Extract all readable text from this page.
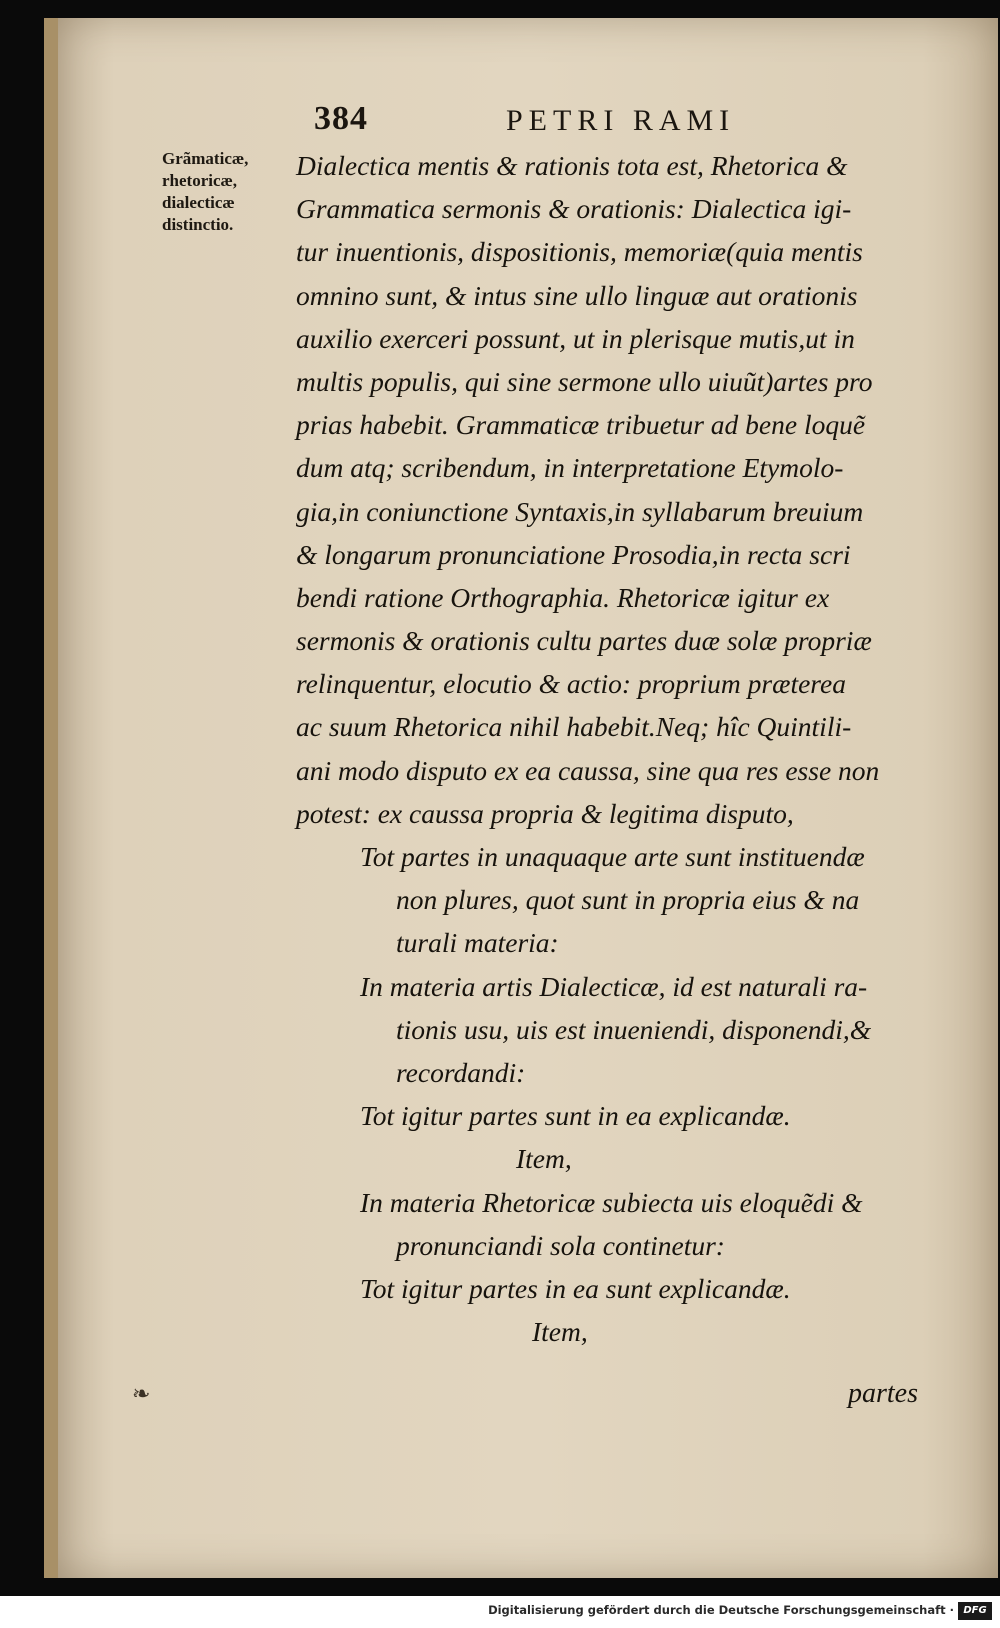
384	PETRI RAMI
Grãmaticæ,
rhetoricæ,
dialecticæ
distinctio.
Dialectica mentis & rationis tota est, Rhetorica &
Grammatica sermonis & orationis: Dialectica igi-
tur inuentionis, dispositionis, memoriæ(quia mentis
omnino sunt, & intus sine ullo linguæ aut orationis
auxilio exerceri possunt, ut in plerisque mutis,ut in
multis populis, qui sine sermone ullo uiuũt)artes pro
prias habebit. Grammaticæ tribuetur ad bene loquẽ
dum atq; scribendum, in interpretatione Etymolo-
gia,in coniunctione Syntaxis,in syllabarum breuium
& longarum pronunciatione Prosodia,in recta scri
bendi ratione Orthographia. Rhetoricæ igitur ex
sermonis & orationis cultu partes duæ solæ propriæ
relinquentur, elocutio & actio: proprium præterea
ac suum Rhetorica nihil habebit.Neq; hîc Quintili-
ani modo disputo ex ea caussa, sine qua res esse non
potest: ex caussa propria & legitima disputo,
Tot partes in unaquaque arte sunt instituendæ
non plures, quot sunt in propria eius & na
turali materia:
In materia artis Dialecticæ, id est naturali ra-
tionis usu, uis est inueniendi, disponendi,&
recordandi:
Tot igitur partes sunt in ea explicandæ.
Item,
In materia Rhetoricæ subiecta uis eloquẽdi &
pronunciandi sola continetur:
Tot igitur partes in ea sunt explicandæ.
Item,
❧	partes
Digitalisierung gefördert durch die Deutsche Forschungsgemeinschaft · DFG
